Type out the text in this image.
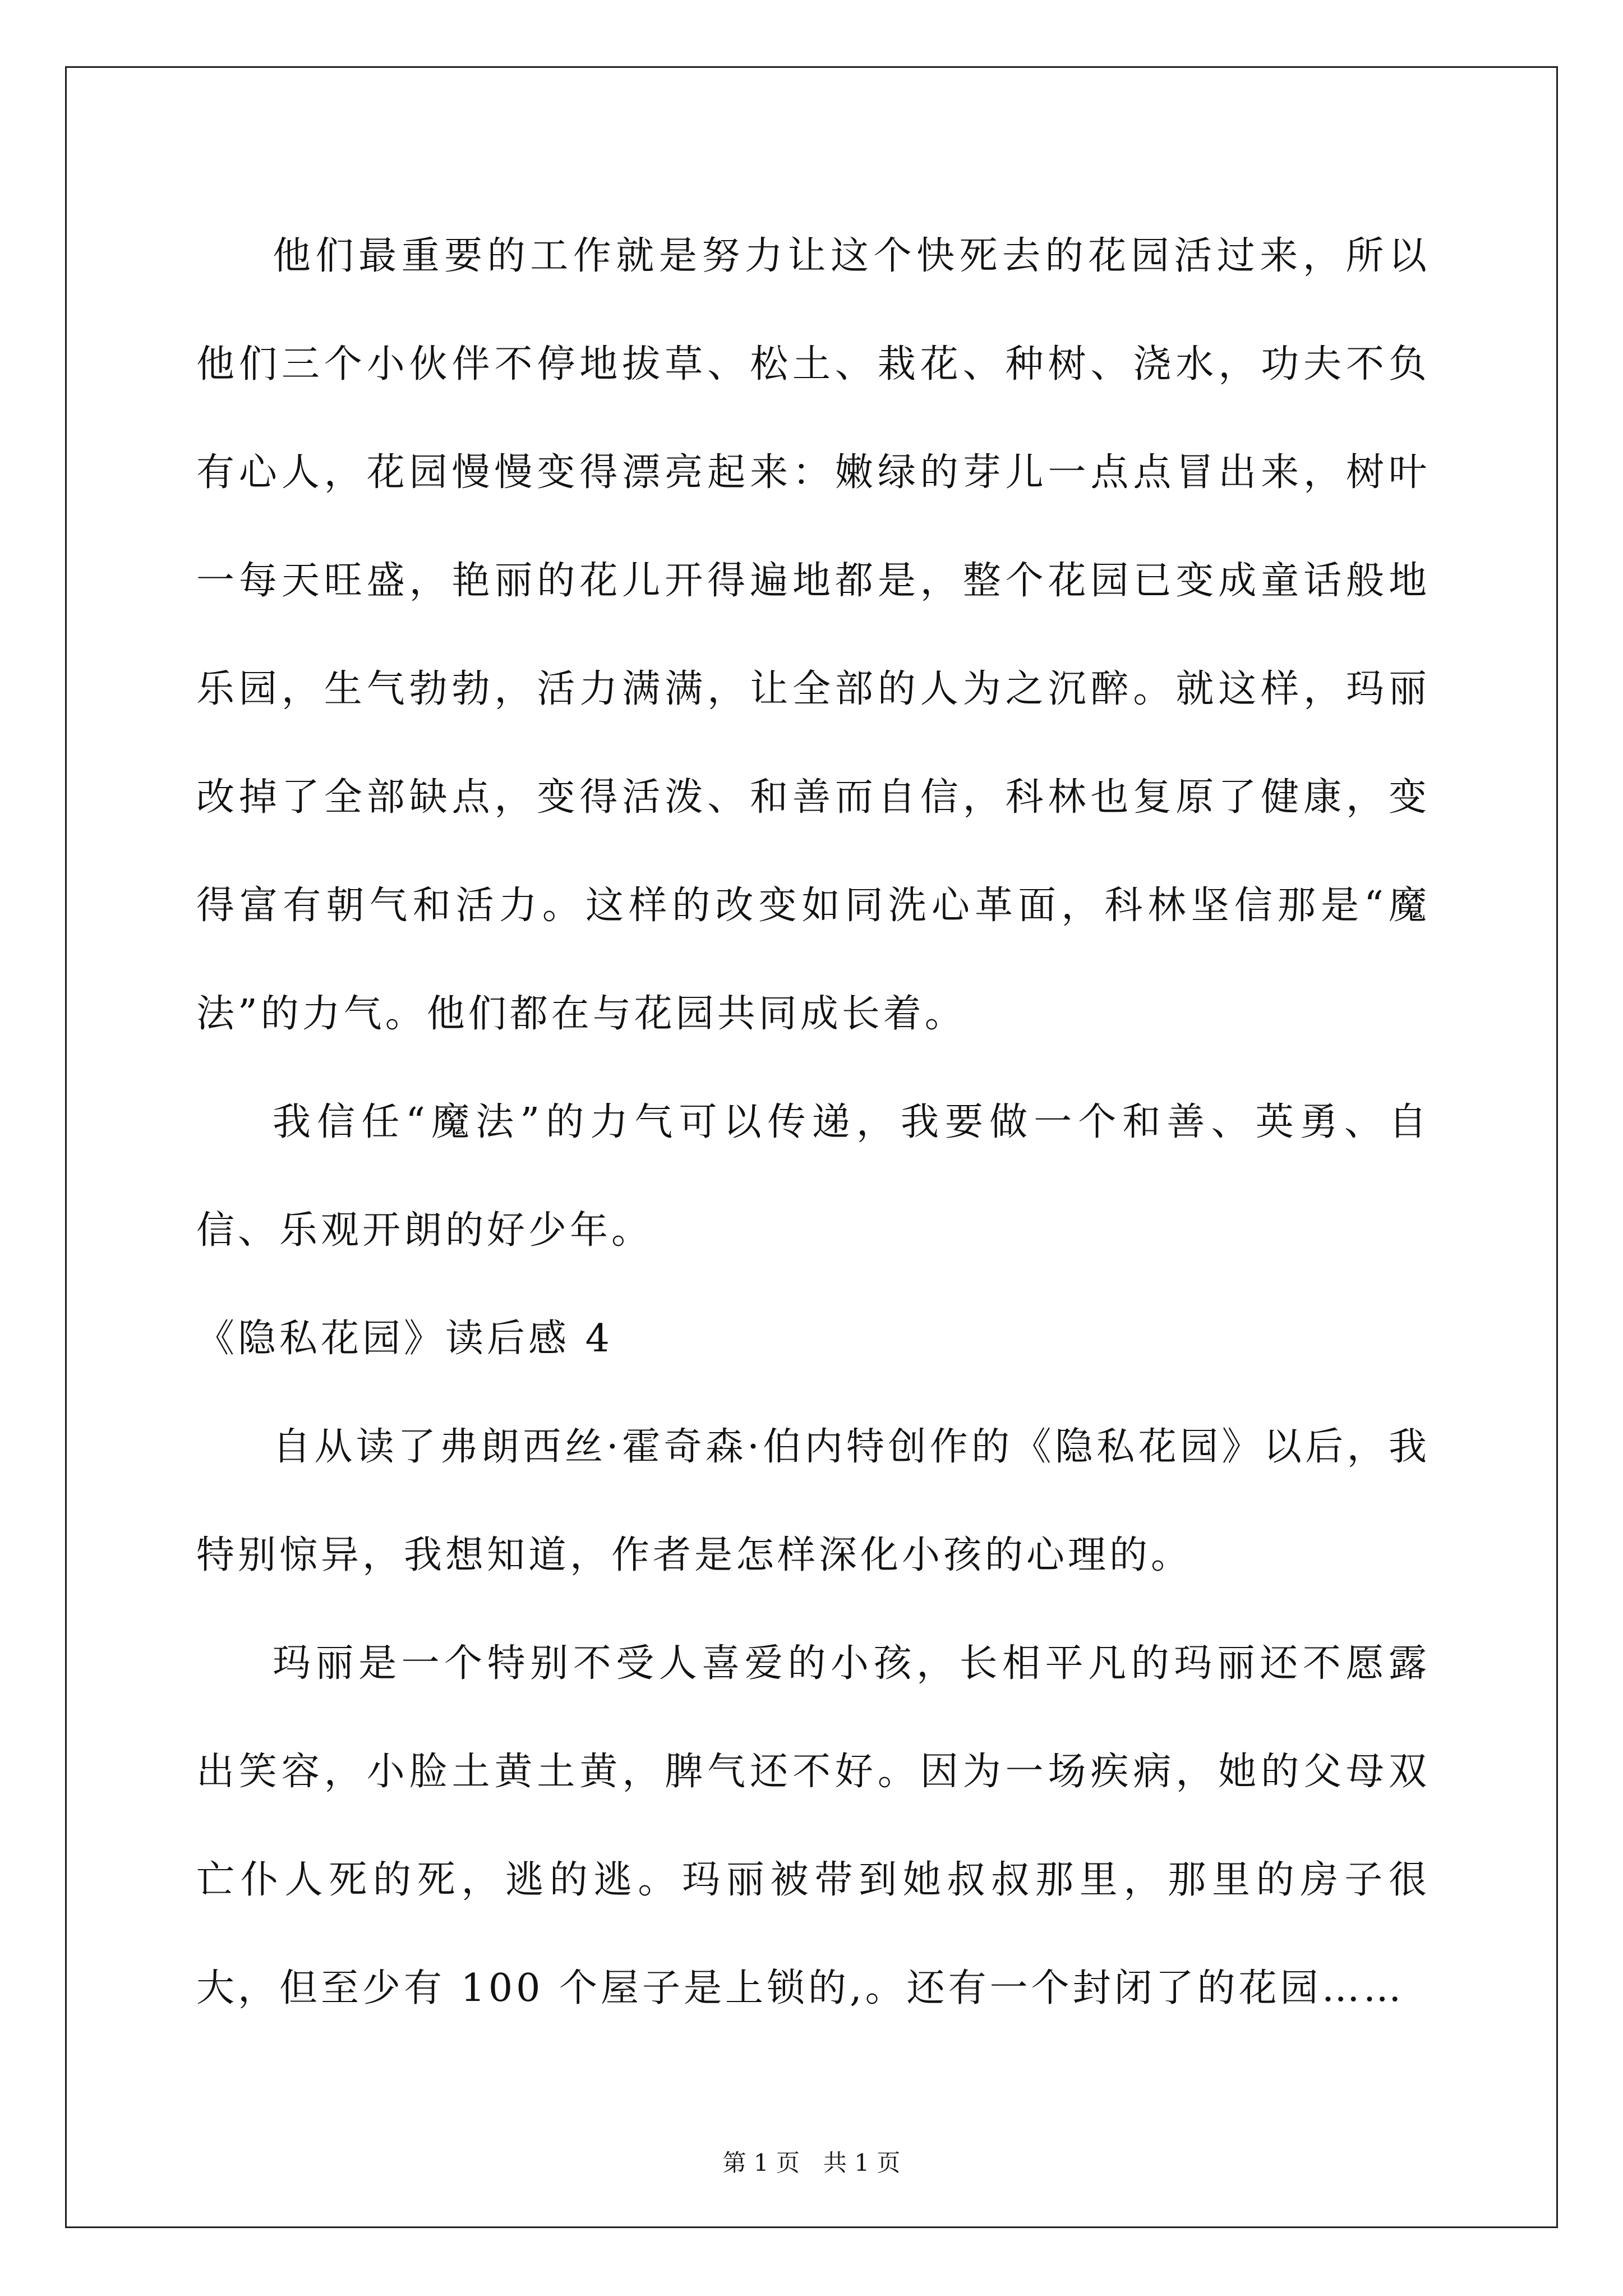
他们最重要的工作就是努力让这个快死去的花园活过来，所以他们三个小伙伴不停地拔草、松土、栽花、种树、浇水，功夫不负有心人，花园慢慢变得漂亮起来：嫩绿的芽儿一点点冒出来，树叶一每天旺盛，艳丽的花儿开得遍地都是，整个花园已变成童话般地乐园，生气勃勃，活力满满，让全部的人为之沉醉。就这样，玛丽改掉了全部缺点，变得活泼、和善而自信，科林也复原了健康，变得富有朝气和活力。这样的改变如同洗心革面，科林坚信那是“魔法”的力气。他们都在与花园共同成长着。

我信任“魔法”的力气可以传递，我要做一个和善、英勇、自信、乐观开朗的好少年。

《隐私花园》读后感 4

自从读了弗朗西丝·霍奇森·伯内特创作的《隐私花园》以后，我特别惊异，我想知道，作者是怎样深化小孩的心理的。

玛丽是一个特别不受人喜爱的小孩，长相平凡的玛丽还不愿露出笑容，小脸土黄土黄，脾气还不好。因为一场疾病，她的父母双亡仆人死的死，逃的逃。玛丽被带到她叔叔那里，那里的房子很大，但至少有 100 个屋子是上锁的,。还有一个封闭了的花园……

第 1 页　共 1 页
